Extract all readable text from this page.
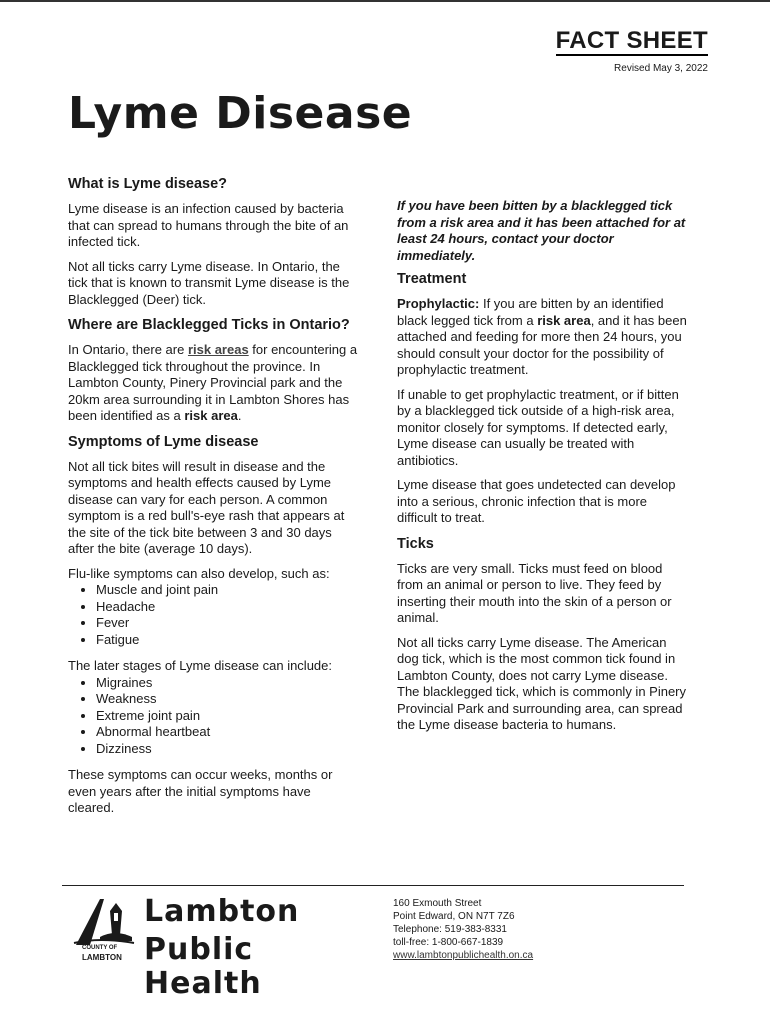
FACT SHEET
Revised May 3, 2022
Lyme Disease
What is Lyme disease?

Lyme disease is an infection caused by bacteria that can spread to humans through the bite of an infected tick.

Not all ticks carry Lyme disease. In Ontario, the tick that is known to transmit Lyme disease is the Blacklegged (Deer) tick.

Where are Blacklegged Ticks in Ontario?

In Ontario, there are risk areas for encountering a Blacklegged tick throughout the province. In Lambton County, Pinery Provincial park and the 20km area surrounding it in Lambton Shores has been identified as a risk area.

Symptoms of Lyme disease

Not all tick bites will result in disease and the symptoms and health effects caused by Lyme disease can vary for each person. A common symptom is a red bull's-eye rash that appears at the site of the tick bite between 3 and 30 days after the bite (average 10 days).

Flu-like symptoms can also develop, such as:

• Muscle and joint pain
• Headache
• Fever
• Fatigue

The later stages of Lyme disease can include:

• Migraines
• Weakness
• Extreme joint pain
• Abnormal heartbeat
• Dizziness

These symptoms can occur weeks, months or even years after the initial symptoms have cleared.

If you have been bitten by a blacklegged tick from a risk area and it has been attached for at least 24 hours, contact your doctor immediately.

Treatment

Prophylactic: If you are bitten by an identified black legged tick from a risk area, and it has been attached and feeding for more then 24 hours, you should consult your doctor for the possibility of prophylactic treatment.

If unable to get prophylactic treatment, or if bitten by a blacklegged tick outside of a high-risk area, monitor closely for symptoms. If detected early, Lyme disease can usually be treated with antibiotics.

Lyme disease that goes undetected can develop into a serious, chronic infection that is more difficult to treat.

Ticks

Ticks are very small. Ticks must feed on blood from an animal or person to live. They feed by inserting their mouth into the skin of a person or animal.

Not all ticks carry Lyme disease. The American dog tick, which is the most common tick found in Lambton County, does not carry Lyme disease. The blacklegged tick, which is commonly in Pinery Provincial Park and surrounding area, can spread the Lyme disease bacteria to humans.

COUNTY OF
LAMBTON
Lambton
Public Health
160 Exmouth Street
Point Edward, ON N7T 7Z6
Telephone: 519-383-8331
toll-free: 1-800-667-1839
www.lambtonpublichealth.on.ca
